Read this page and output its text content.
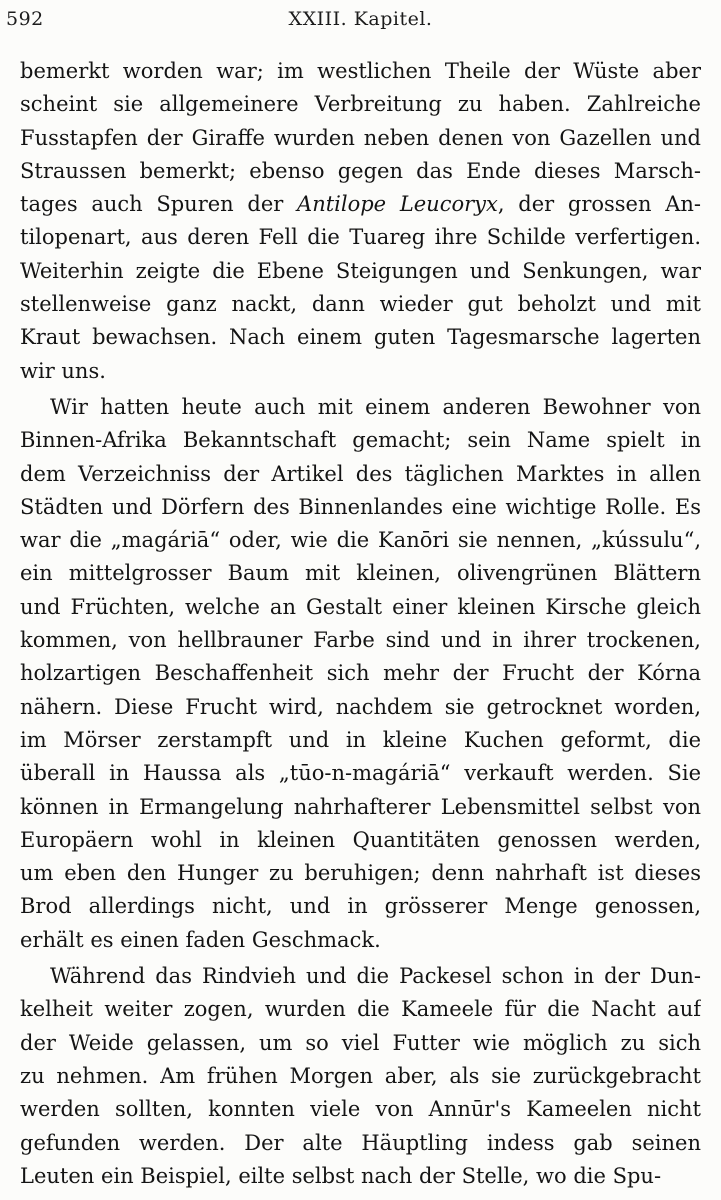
592	XXIII. Kapitel.
bemerkt worden war; im westlichen Theile der Wüste aber
scheint sie allgemeinere Verbreitung zu haben. Zahlreiche
Fusstapfen der Giraffe wurden neben denen von Gazellen und
Straussen bemerkt; ebenso gegen das Ende dieses Marsch-
tages auch Spuren der Antilope Leucoryx, der grossen An-
tilopenart, aus deren Fell die Tuareg ihre Schilde verfertigen.
Weiterhin zeigte die Ebene Steigungen und Senkungen, war
stellenweise ganz nackt, dann wieder gut beholzt und mit
Kraut bewachsen. Nach einem guten Tagesmarsche lagerten
wir uns.
Wir hatten heute auch mit einem anderen Bewohner von
Binnen-Afrika Bekanntschaft gemacht; sein Name spielt in
dem Verzeichniss der Artikel des täglichen Marktes in allen
Städten und Dörfern des Binnenlandes eine wichtige Rolle. Es
war die „magáriā“ oder, wie die Kanōri sie nennen, „kússulu“,
ein mittelgrosser Baum mit kleinen, olivengrünen Blättern
und Früchten, welche an Gestalt einer kleinen Kirsche gleich
kommen, von hellbrauner Farbe sind und in ihrer trockenen,
holzartigen Beschaffenheit sich mehr der Frucht der Kórna
nähern. Diese Frucht wird, nachdem sie getrocknet worden,
im Mörser zerstampft und in kleine Kuchen geformt, die
überall in Haussa als „tūo-n-magáriā“ verkauft werden. Sie
können in Ermangelung nahrhafterer Lebensmittel selbst von
Europäern wohl in kleinen Quantitäten genossen werden,
um eben den Hunger zu beruhigen; denn nahrhaft ist dieses
Brod allerdings nicht, und in grösserer Menge genossen,
erhält es einen faden Geschmack.
Während das Rindvieh und die Packesel schon in der Dun-
kelheit weiter zogen, wurden die Kameele für die Nacht auf
der Weide gelassen, um so viel Futter wie möglich zu sich
zu nehmen. Am frühen Morgen aber, als sie zurückgebracht
werden sollten, konnten viele von Annūr's Kameelen nicht
gefunden werden. Der alte Häuptling indess gab seinen
Leuten ein Beispiel, eilte selbst nach der Stelle, wo die Spu-
